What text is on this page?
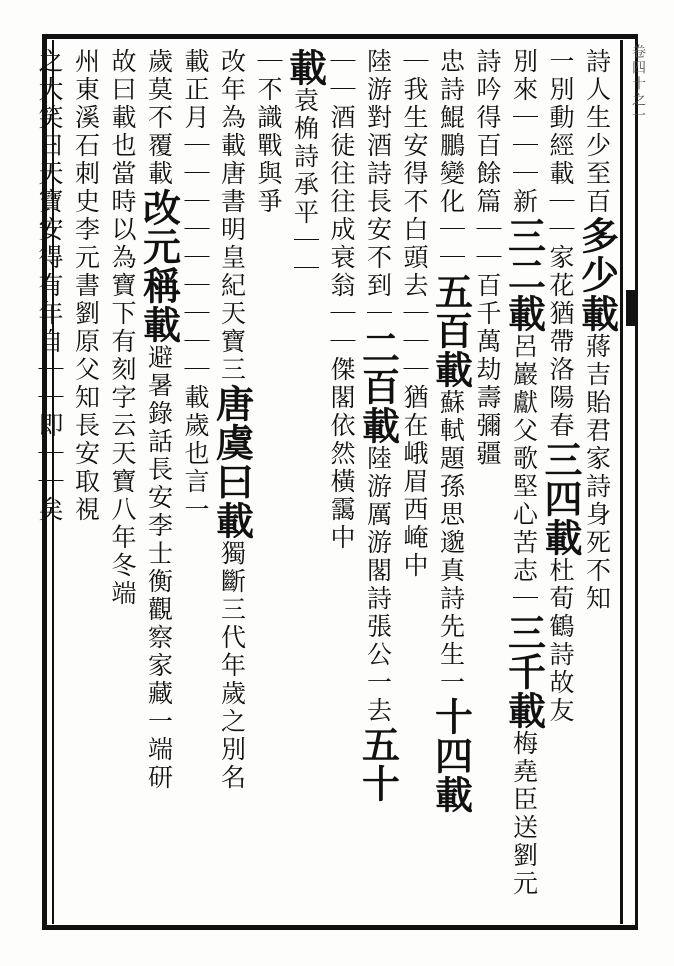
卷四十之一
詩人生少至百多少載蔣吉貽君家詩身死不知
一別動經載｜｜家花猶帶洛陽春三四載杜荀鶴詩故友
別來｜｜｜新三二載呂巖獻父歌堅心苦志｜三千載梅堯臣送劉元
詩吟得百餘篇｜｜百千萬劫壽彌疆
忠詩鯤鵬變化｜｜五百載蘇軾題孫思邈真詩先生一十四載
｜我生安得不白頭去｜｜｜猶在峨眉西崦中
陸游對酒詩長安不到｜二百載陸游厲游閣詩張公一去五十
｜｜酒徒往往成衰翁｜｜傑閣依然橫靄中
載袁桷詩承平｜｜
｜不識戰與爭
改年為載唐書明皇紀天寶三唐虞曰載獨斷三代年歲之別名
載正月｜｜｜｜｜｜｜｜｜載歲也言一
歲莫不覆載改元稱載避暑錄話長安李士衡觀察家藏一端研
故曰載也當時以為寶下有刻字云天寶八年冬端
州東溪石刺史李元書劉原父知長安取視
之大笑曰天寶安得有年自｜｜即｜｜矣
